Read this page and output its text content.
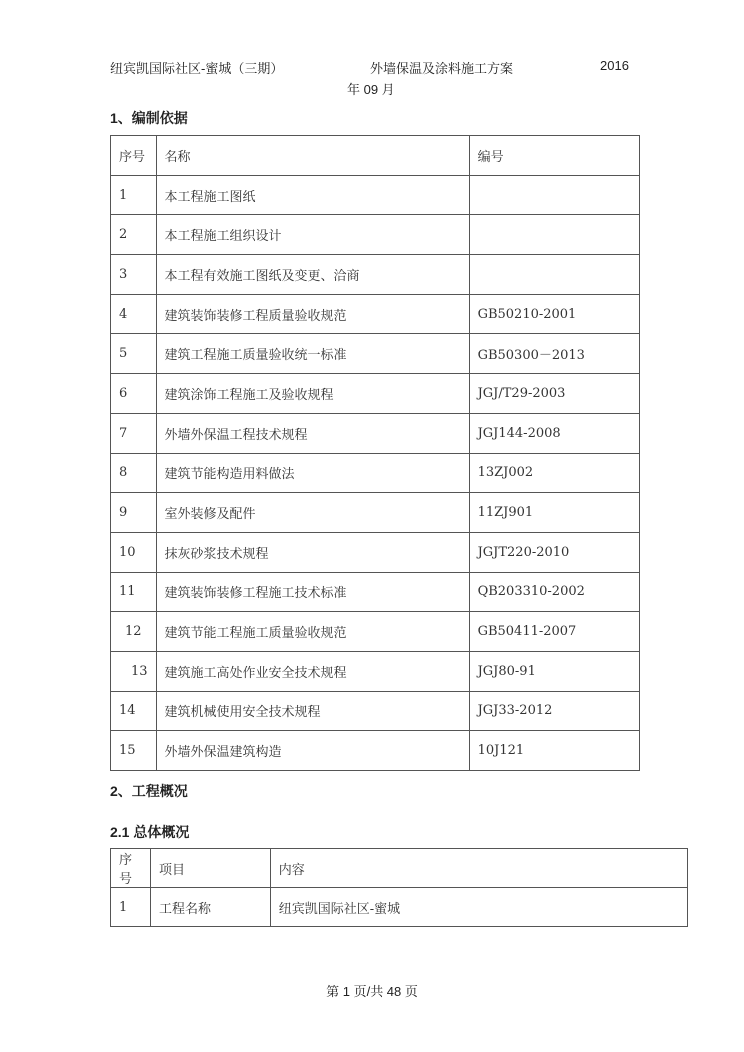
纽宾凯国际社区-蜜城（三期）	外墙保温及涂料施工方案	2016
年 09 月
1、编制依据
序号	名称	编号
1	本工程施工图纸	
2	本工程施工组织设计	
3	本工程有效施工图纸及变更、洽商	
4	建筑装饰装修工程质量验收规范	GB50210-2001
5	建筑工程施工质量验收统一标准	GB50300－2013
6	建筑涂饰工程施工及验收规程	JGJ/T29-2003
7	外墙外保温工程技术规程	JGJ144-2008
8	建筑节能构造用料做法	13ZJ002
9	室外装修及配件	11ZJ901
10	抹灰砂浆技术规程	JGJT220-2010
11	建筑装饰装修工程施工技术标准	QB203310-2002
12	建筑节能工程施工质量验收规范	GB50411-2007
13	建筑施工高处作业安全技术规程	JGJ80-91
14	建筑机械使用安全技术规程	JGJ33-2012
15	外墙外保温建筑构造	10J121
2、工程概况
2.1 总体概况
序号	项目	内容
1	工程名称	纽宾凯国际社区-蜜城
第 1 页/共 48 页
